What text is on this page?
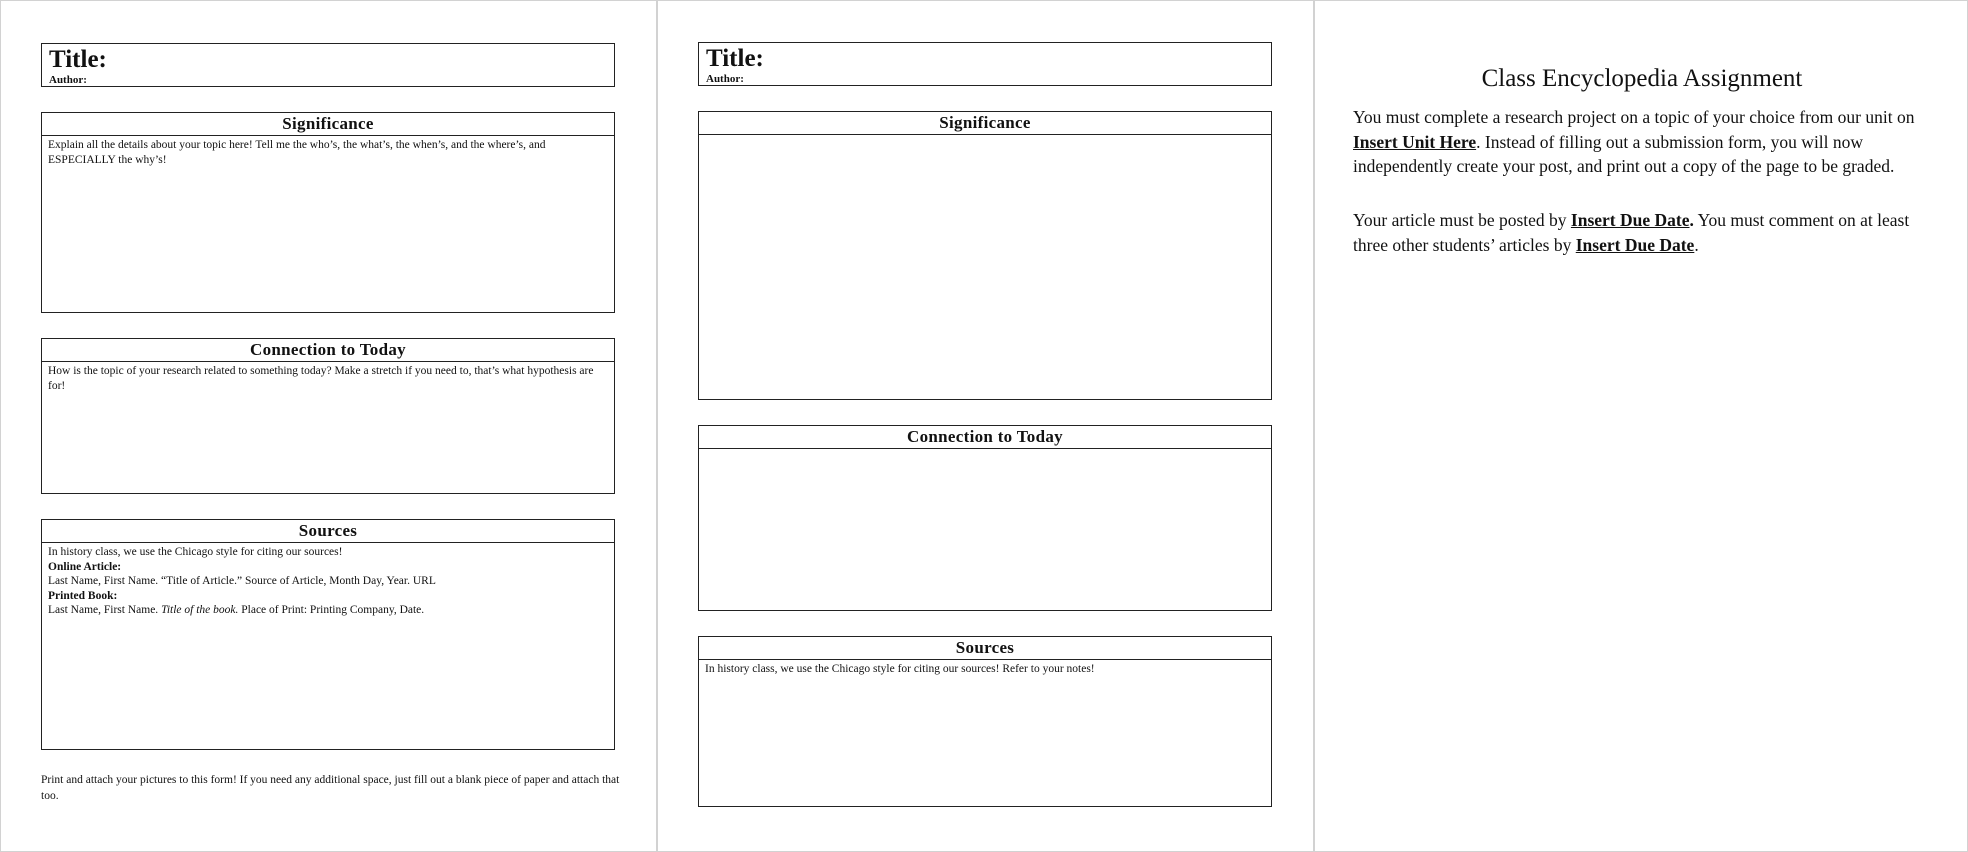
Title:
Author:
Significance
Explain all the details about your topic here! Tell me the who’s, the what’s, the when’s, and the where’s, and ESPECIALLY the why’s!
Connection to Today
How is the topic of your research related to something today? Make a stretch if you need to, that’s what hypothesis are for!
Sources
In history class, we use the Chicago style for citing our sources!
Online Article:
Last Name, First Name. “Title of Article.” Source of Article, Month Day, Year. URL
Printed Book:
Last Name, First Name. Title of the book. Place of Print: Printing Company, Date.
Print and attach your pictures to this form! If you need any additional space, just fill out a blank piece of paper and attach that too.
Title:
Author:
Significance
Connection to Today
Sources
In history class, we use the Chicago style for citing our sources! Refer to your notes!
Class Encyclopedia Assignment
You must complete a research project on a topic of your choice from our unit on Insert Unit Here. Instead of filling out a submission form, you will now independently create your post, and print out a copy of the page to be graded.
Your article must be posted by Insert Due Date. You must comment on at least three other students’ articles by Insert Due Date.
